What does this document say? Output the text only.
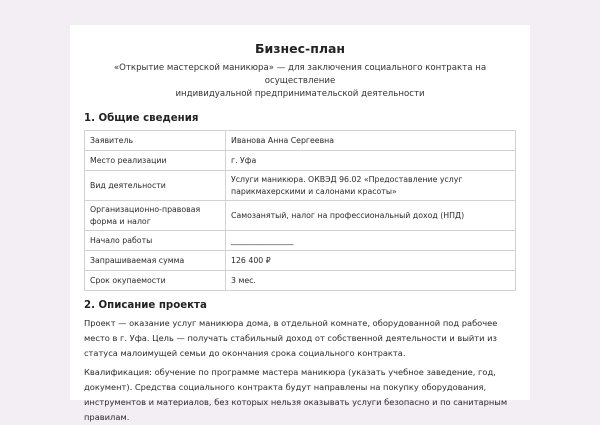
Бизнес-план
«Открытие мастерской маникюра» — для заключения социального контракта на осуществление
индивидуальной предпринимательской деятельности
1. Общие сведения
Заявитель	Иванова Анна Сергеевна
Место реализации	г. Уфа
Вид деятельности	Услуги маникюра. ОКВЭД 96.02 «Предоставление услуг парикмахерскими и салонами красоты»
Организационно-правовая форма и налог	Самозанятый, налог на профессиональный доход (НПД)
Начало работы	________________
Запрашиваемая сумма	126 400 ₽
Срок окупаемости	3 мес.
2. Описание проекта

Проект — оказание услуг маникюра дома, в отдельной комнате, оборудованной под рабочее место в г. Уфа. Цель — получать стабильный доход от собственной деятельности и выйти из статуса малоимущей семьи до окончания срока социального контракта.

Квалификация: обучение по программе мастера маникюра (указать учебное заведение, год, документ). Средства социального контракта будут направлены на покупку оборудования, инструментов и материалов, без которых нельзя оказывать услуги безопасно и по санитарным правилам.
